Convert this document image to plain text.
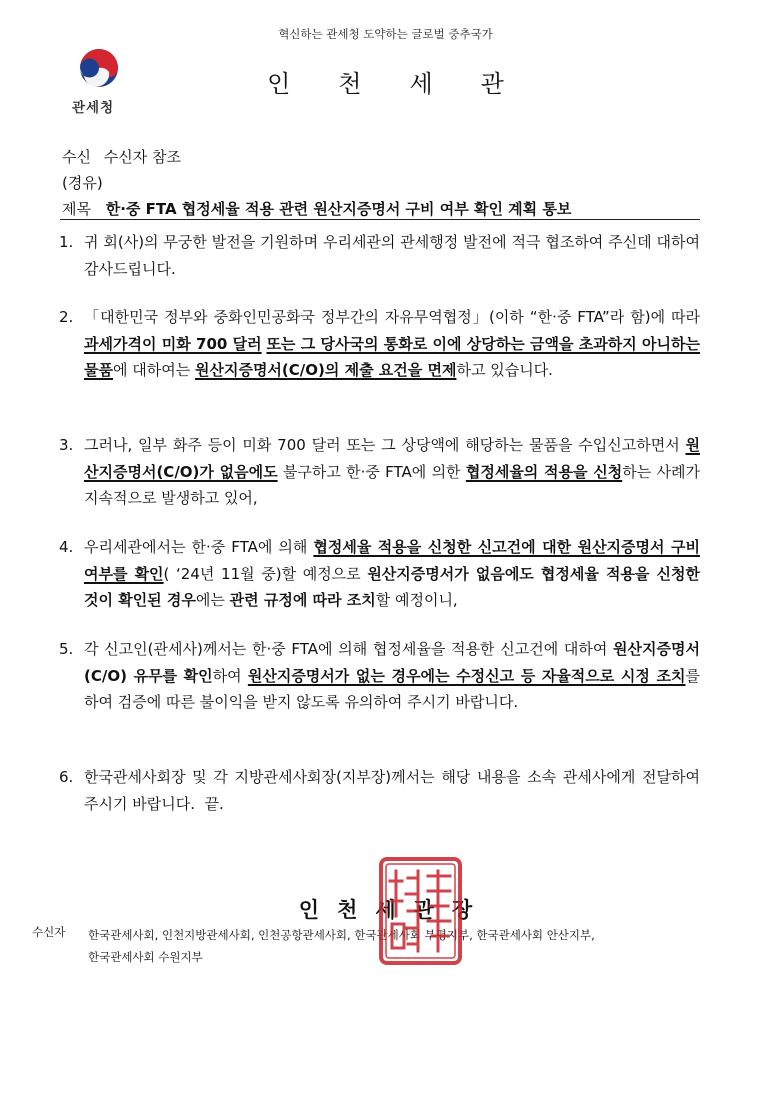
혁신하는 관세청 도약하는 글로벌 중추국가
관세청
인천세관
수신 수신자 참조
(경유)
제목 한·중 FTA 협정세율 적용 관련 원산지증명서 구비 여부 확인 계획 통보
1. 귀 회(사)의 무궁한 발전을 기원하며 우리세관의 관세행정 발전에 적극 협조하여 주신데 대하여 감사드립니다.
2. 「대한민국 정부와 중화인민공화국 정부간의 자유무역협정」(이하 “한·중 FTA”라 함)에 따라 과세가격이 미화 700 달러 또는 그 당사국의 통화로 이에 상당하는 금액을 초과하지 아니하는 물품에 대하여는 원산지증명서(C/O)의 제출 요건을 면제하고 있습니다.
3. 그러나, 일부 화주 등이 미화 700 달러 또는 그 상당액에 해당하는 물품을 수입신고하면서 원산지증명서(C/O)가 없음에도 불구하고 한·중 FTA에 의한 협정세율의 적용을 신청하는 사례가 지속적으로 발생하고 있어,
4. 우리세관에서는 한·중 FTA에 의해 협정세율 적용을 신청한 신고건에 대한 원산지증명서 구비 여부를 확인( ‘24년 11월 중)할 예정으로 원산지증명서가 없음에도 협정세율 적용을 신청한 것이 확인된 경우에는 관련 규정에 따라 조치할 예정이니,
5. 각 신고인(관세사)께서는 한·중 FTA에 의해 협정세율을 적용한 신고건에 대하여 원산지증명서(C/O) 유무를 확인하여 원산지증명서가 없는 경우에는 수정신고 등 자율적으로 시정 조치를 하여 검증에 따른 불이익을 받지 않도록 유의하여 주시기 바랍니다.
6. 한국관세사회장 및 각 지방관세사회장(지부장)께서는 해당 내용을 소속 관세사에게 전달하여 주시기 바랍니다. 끝.
인천세관장
수신자 한국관세사회, 인천지방관세사회, 인천공항관세사회, 한국관세사회 부평지부, 한국관세사회 안산지부,
한국관세사회 수원지부
